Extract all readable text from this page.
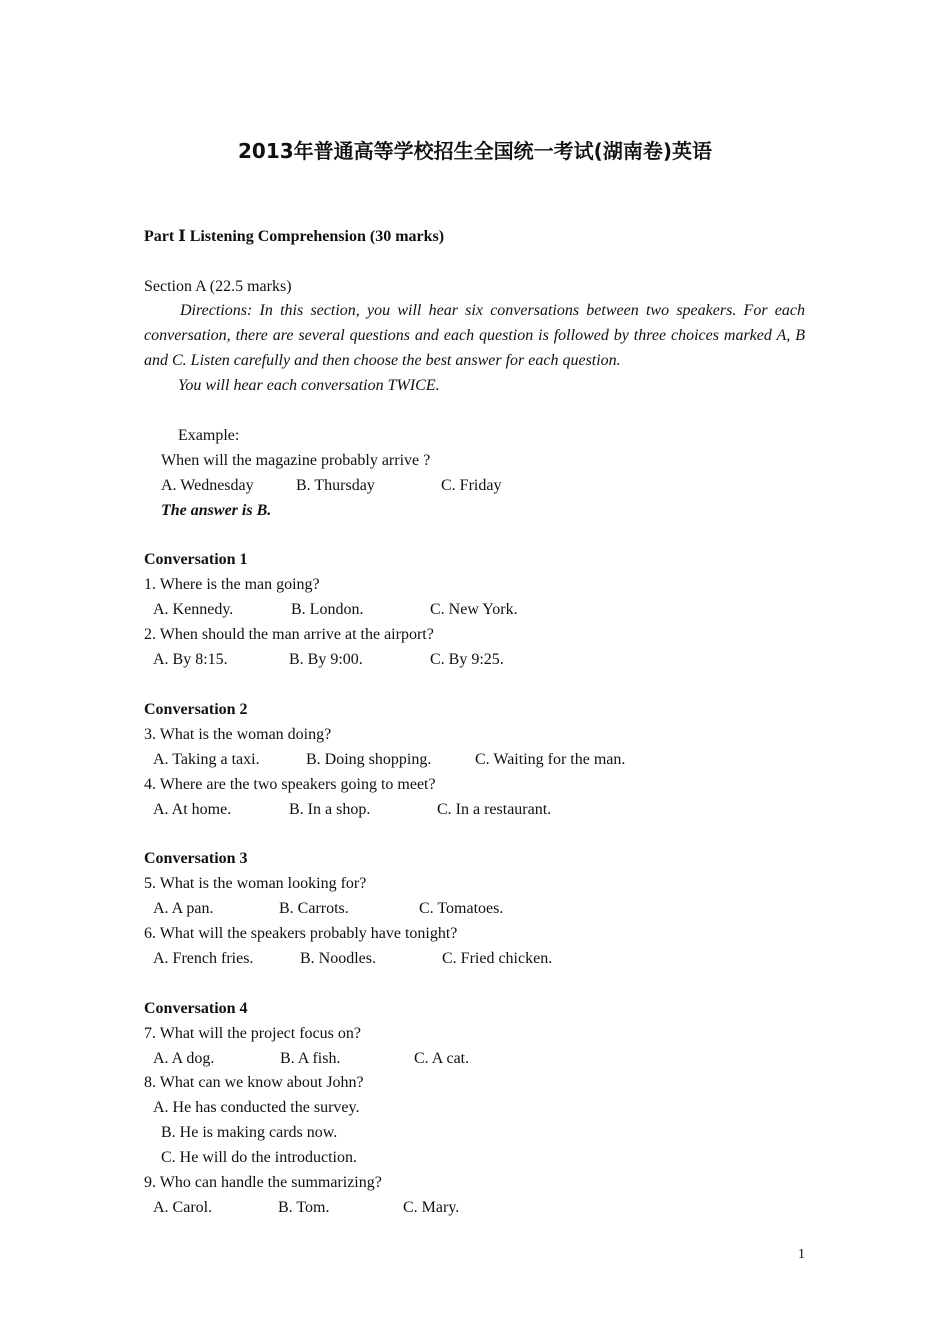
2013年普通高等学校招生全国统一考试(湖南卷)英语
Part Ⅰ Listening Comprehension (30 marks)
Section A (22.5 marks)
Directions: In this section, you will hear six conversations between two speakers. For each conversation, there are several questions and each question is followed by three choices marked A, B and C. Listen carefully and then choose the best answer for each question.
You will hear each conversation TWICE.
Example:
When will the magazine probably arrive ?
A. Wednesday	B. Thursday	C. Friday
The answer is B.
Conversation 1
1. Where is the man going?
A. Kennedy.	B. London.	C. New York.
2. When should the man arrive at the airport?
A. By 8:15.	B. By 9:00.	C. By 9:25.
Conversation 2
3. What is the woman doing?
A. Taking a taxi.	B. Doing shopping.	C. Waiting for the man.
4. Where are the two speakers going to meet?
A. At home.	B. In a shop.	C. In a restaurant.
Conversation 3
5. What is the woman looking for?
A. A pan.	B. Carrots.	C. Tomatoes.
6. What will the speakers probably have tonight?
A. French fries.	B. Noodles.	C. Fried chicken.
Conversation 4
7. What will the project focus on?
A. A dog.	B. A fish.	C. A cat.
8. What can we know about John?
A. He has conducted the survey.
B. He is making cards now.
C. He will do the introduction.
9. Who can handle the summarizing?
A. Carol.	B. Tom.	C. Mary.
1
